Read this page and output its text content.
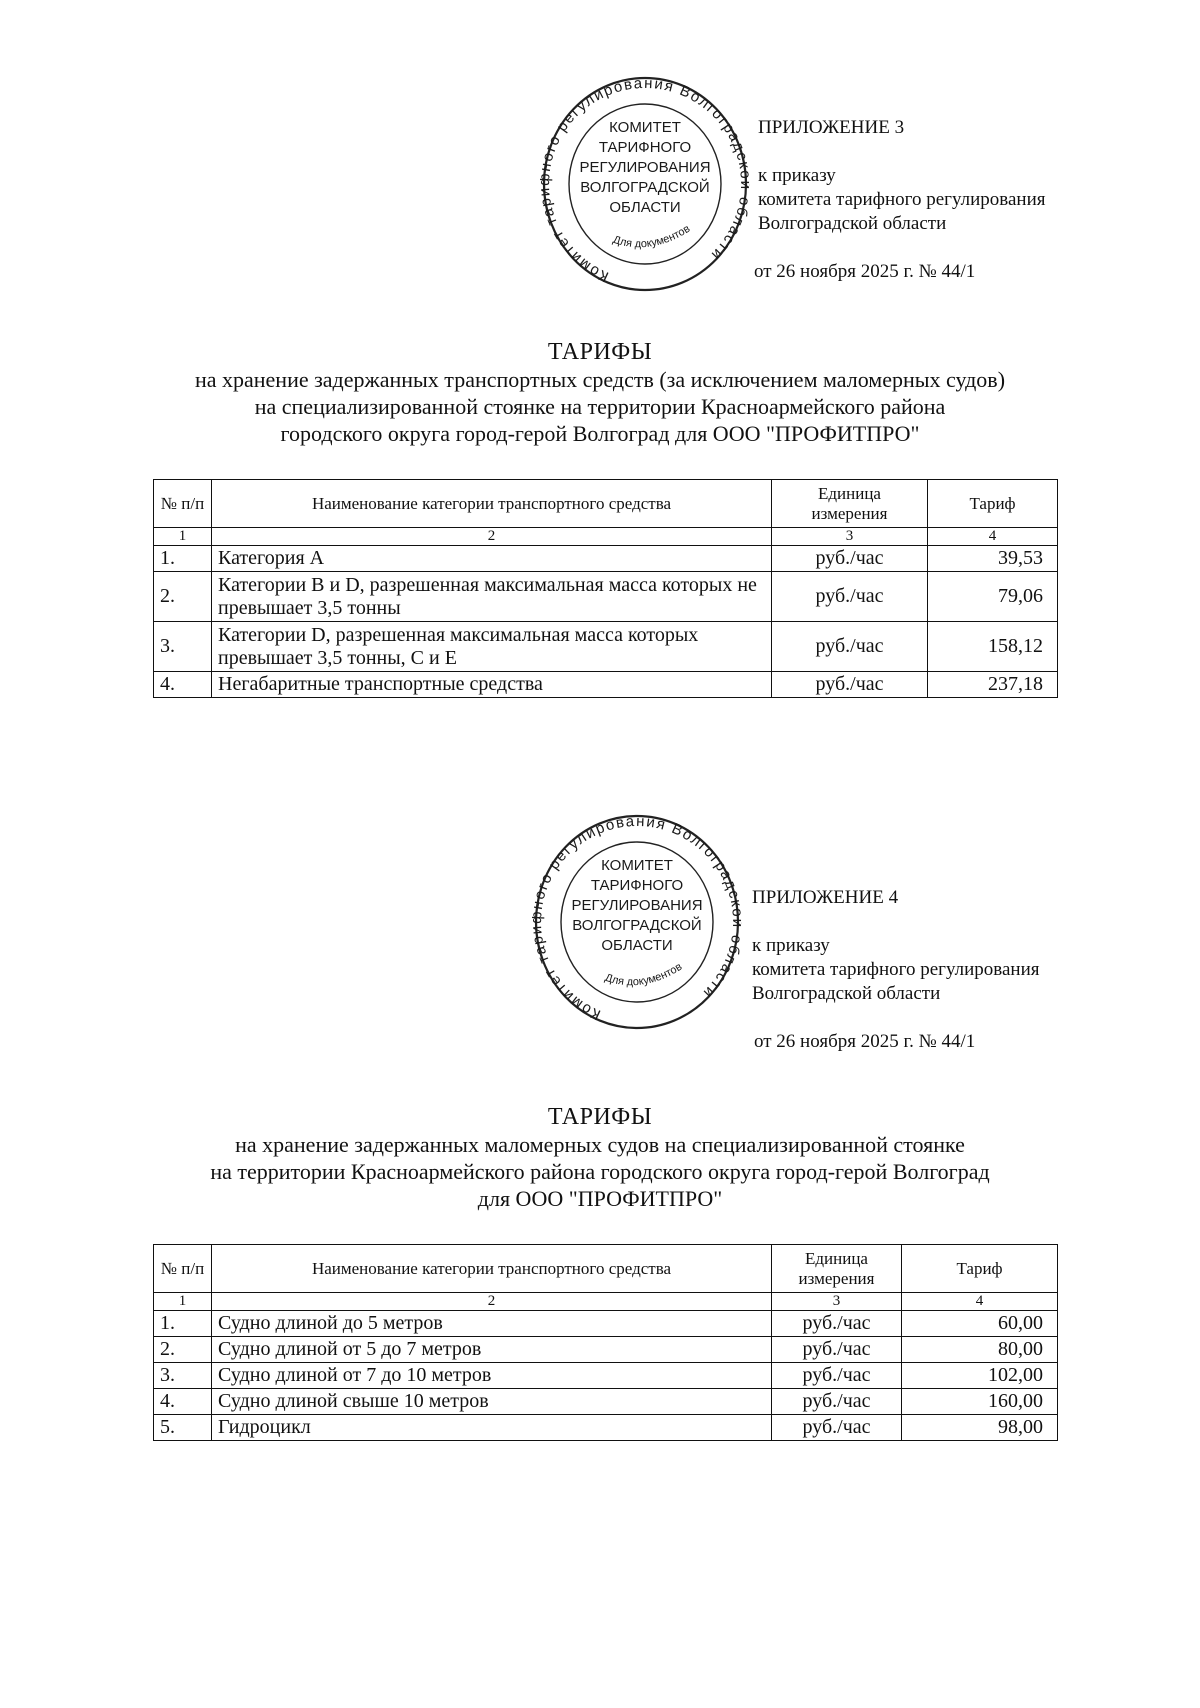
Комитет та ого регулирования Волгоградс бласти
КОМИТЕТ
ТАРИФНОГО
РЕГУЛИРОВАНИЯ
ВОЛГОГРАДСКОЙ
ОБЛАСТИ
Для документов
ПРИЛОЖЕНИЕ 3
к приказу
комитета тарифного регулирования
Волгоградской области
от 26 ноября 2025 г. № 44/1
ТАРИФЫ
на хранение задержанных транспортных средств (за исключением маломерных судов)
на специализированной стоянке на территории Красноармейского района
городского округа город-герой Волгоград для ООО "ПРОФИТПРО"
№ п/п	Наименование категории транспортного средства	Единица измерения	Тариф
1	2	3	4
1.	Категория А	руб./час	39,53
2.	Категории B и D, разрешенная максимальная масса которых не превышает 3,5 тонны	руб./час	79,06
3.	Категории D, разрешенная максимальная масса которых превышает 3,5 тонны, C и E	руб./час	158,12
4.	Негабаритные транспортные средства	руб./час	237,18
Комитет та ого регулирования Волгоградс бласти
КОМИТЕТ
ТАРИФНОГО
РЕГУЛИРОВАНИЯ
ВОЛГОГРАДСКОЙ
ОБЛАСТИ
Для документов
ПРИЛОЖЕНИЕ 4
к приказу
комитета тарифного регулирования
Волгоградской области
от 26 ноября 2025 г. № 44/1
ТАРИФЫ
на хранение задержанных маломерных судов на специализированной стоянке
на территории Красноармейского района городского округа город-герой Волгоград
для ООО "ПРОФИТПРО"
№ п/п	Наименование категории транспортного средства	Единица измерения	Тариф
1	2	3	4
1.	Судно длиной до 5 метров	руб./час	60,00
2.	Судно длиной от 5 до 7 метров	руб./час	80,00
3.	Судно длиной от 7 до 10 метров	руб./час	102,00
4.	Судно длиной свыше 10 метров	руб./час	160,00
5.	Гидроцикл	руб./час	98,00
